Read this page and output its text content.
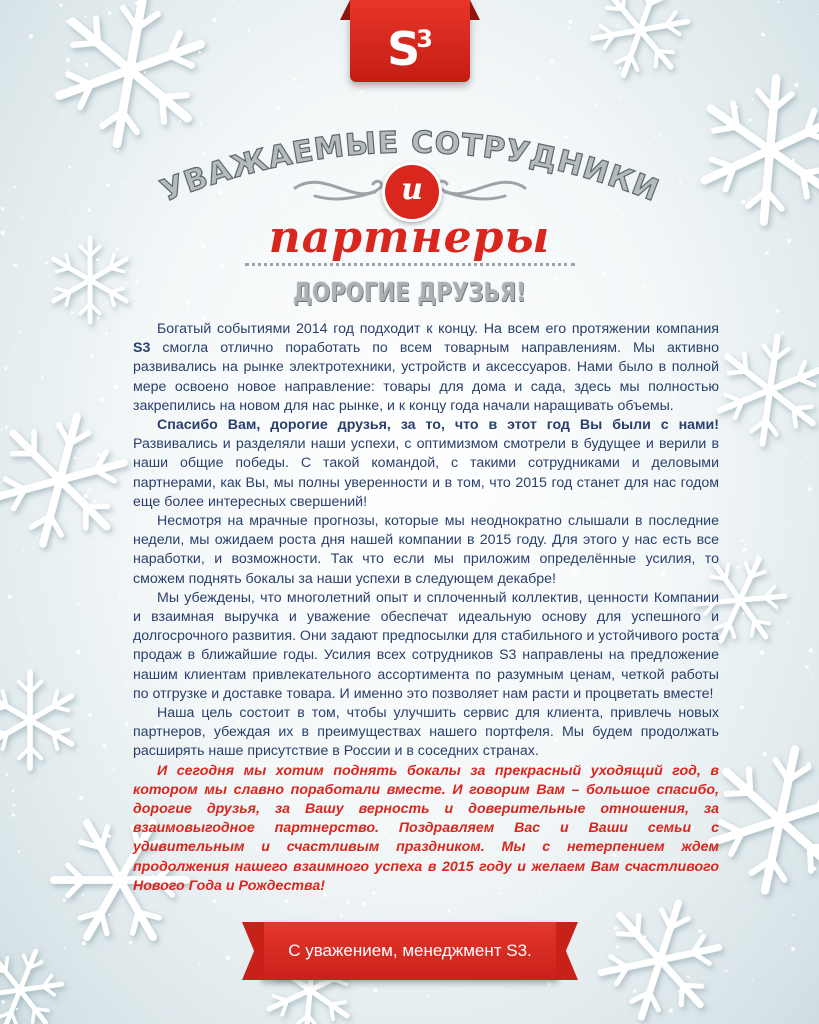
$S^3$
УВАЖАЕМЫЕ СОТРУДНИКИ
и
партнеры
ДОРОГИЕ ДРУЗЬЯ!

Богатый событиями 2014 год подходит к концу. На всем его протяжении компания S3 смогла отлично поработать по всем товарным направлениям. Мы активно развивались на рынке электротехники, устройств и аксессуаров. Нами было в полной мере освоено новое направление: товары для дома и сада, здесь мы полностью закрепились на новом для нас рынке, и к концу года начали наращивать объемы.

Спасибо Вам, дорогие друзья, за то, что в этот год Вы были с нами! Развивались и разделяли наши успехи, с оптимизмом смотрели в будущее и верили в наши общие победы. С такой командой, с такими сотрудниками и деловыми партнерами, как Вы, мы полны уверенности и в том, что 2015 год станет для нас годом еще более интересных свершений!

Несмотря на мрачные прогнозы, которые мы неоднократно слышали в последние недели, мы ожидаем роста дня нашей компании в 2015 году. Для этого у нас есть все наработки, и возможности. Так что если мы приложим определённые усилия, то сможем поднять бокалы за наши успехи в следующем декабре!

Мы убеждены, что многолетний опыт и сплоченный коллектив, ценности Компании и взаимная выручка и уважение обеспечат идеальную основу для успешного и долгосрочного развития. Они задают предпосылки для стабильного и устойчивого роста продаж в ближайшие годы. Усилия всех сотрудников S3 направлены на предложение нашим клиентам привлекательного ассортимента по разумным ценам, четкой работы по отгрузке и доставке товара. И именно это позволяет нам расти и процветать вместе!

Наша цель состоит в том, чтобы улучшить сервис для клиента, привлечь новых партнеров, убеждая их в преимуществах нашего портфеля. Мы будем продолжать расширять наше присутствие в России и в соседних странах.

И сегодня мы хотим поднять бокалы за прекрасный уходящий год, в котором мы славно поработали вместе. И говорим Вам – большое спасибо, дорогие друзья, за Вашу верность и доверительные отношения, за взаимовыгодное партнерство. Поздравляем Вас и Ваши семьи с удивительным и счастливым праздником. Мы с нетерпением ждем продолжения нашего взаимного успеха в 2015 году и желаем Вам счастливого Нового Года и Рождества!

С уважением, менеджмент S3.
